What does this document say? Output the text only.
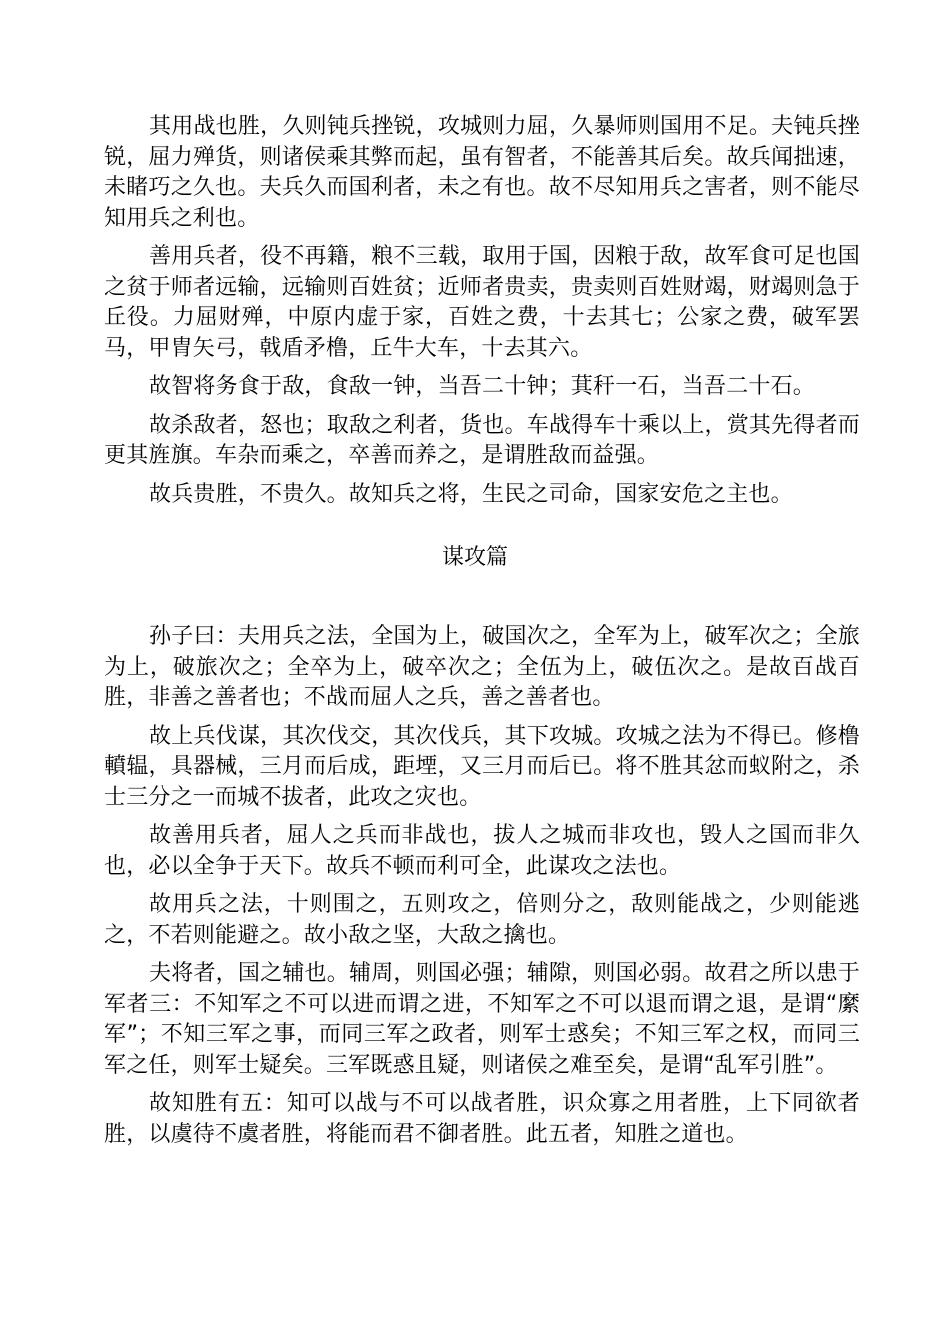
其用战也胜，久则钝兵挫锐，攻城则力屈，久暴师则国用不足。夫钝兵挫锐，屈力殚货，则诸侯乘其弊而起，虽有智者，不能善其后矣。故兵闻拙速，未睹巧之久也。夫兵久而国利者，未之有也。故不尽知用兵之害者，则不能尽知用兵之利也。

善用兵者，役不再籍，粮不三载，取用于国，因粮于敌，故军食可足也国之贫于师者远输，远输则百姓贫；近师者贵卖，贵卖则百姓财竭，财竭则急于丘役。力屈财殚，中原内虚于家，百姓之费，十去其七；公家之费，破军罢马，甲胄矢弓，戟盾矛橹，丘牛大车，十去其六。

故智将务食于敌，食敌一钟，当吾二十钟；萁秆一石，当吾二十石。

故杀敌者，怒也；取敌之利者，货也。车战得车十乘以上，赏其先得者而更其旌旗。车杂而乘之，卒善而养之，是谓胜敌而益强。

故兵贵胜，不贵久。故知兵之将，生民之司命，国家安危之主也。

谋攻篇

孙子曰：夫用兵之法，全国为上，破国次之，全军为上，破军次之；全旅为上，破旅次之；全卒为上，破卒次之；全伍为上，破伍次之。是故百战百胜，非善之善者也；不战而屈人之兵，善之善者也。

故上兵伐谋，其次伐交，其次伐兵，其下攻城。攻城之法为不得已。修橹轒辒，具器械，三月而后成，距堙，又三月而后已。将不胜其忿而蚁附之，杀士三分之一而城不拔者，此攻之灾也。

故善用兵者，屈人之兵而非战也，拔人之城而非攻也，毁人之国而非久也，必以全争于天下。故兵不顿而利可全，此谋攻之法也。

故用兵之法，十则围之，五则攻之，倍则分之，敌则能战之，少则能逃之，不若则能避之。故小敌之坚，大敌之擒也。

夫将者，国之辅也。辅周，则国必强；辅隙，则国必弱。故君之所以患于军者三：不知军之不可以进而谓之进，不知军之不可以退而谓之退，是谓“縻军”；不知三军之事，而同三军之政者，则军士惑矣；不知三军之权，而同三军之任，则军士疑矣。三军既惑且疑，则诸侯之难至矣，是谓“乱军引胜”。

故知胜有五：知可以战与不可以战者胜，识众寡之用者胜，上下同欲者胜，以虞待不虞者胜，将能而君不御者胜。此五者，知胜之道也。
